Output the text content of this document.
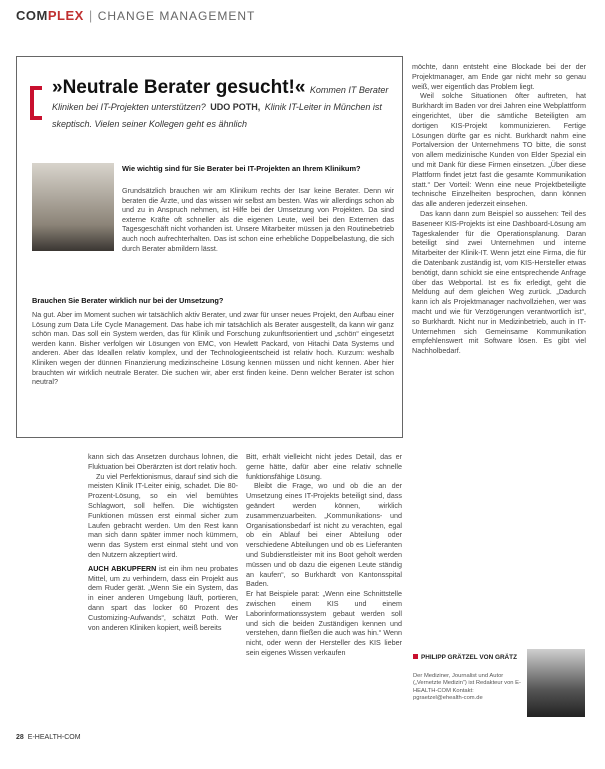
COMPLEX | CHANGE MANAGEMENT
»Neutrale Berater gesucht!« Kommen IT Berater Kliniken bei IT-Projekten unterstützen? UDO POTH, Klinik IT-Leiter in München ist skeptisch. Vielen seiner Kollegen geht es ähnlich
Wie wichtig sind für Sie Berater bei IT-Projekten an Ihrem Klinikum?

Grundsätzlich brauchen wir am Klinikum rechts der Isar keine Berater. Denn wir beraten die Ärzte, und das wissen wir selbst am besten. Was wir allerdings schon ab und zu in Anspruch nehmen, ist Hilfe bei der Umsetzung von Projekten. Da sind externe Kräfte oft schneller als die eigenen Leute, weil bei den Externen das Tagesgeschäft nicht vorhanden ist. Unsere Mitarbeiter müssen ja den Routinebetrieb auch noch aufrechterhalten. Das ist schon eine erhebliche Doppelbelastung, die sich durch Berater abmildern lässt.

Brauchen Sie Berater wirklich nur bei der Umsetzung?

Na gut. Aber im Moment suchen wir tatsächlich aktiv Berater, und zwar für unser neues Projekt, den Aufbau einer Lösung zum Data Life Cycle Management. Das habe ich mir tatsächlich als Berater ausgestellt, da kann wir ganz schön man. Das soll ein System werden, das für Klinik und Forschung zukunftsorientiert und „schön“ eingesetzt werden kann. Bisher verfolgen wir Lösungen von EMC, von Hewlett Packard, von Hitachi Data Systems und anderen. Aber das Ideallen relativ komplex, und der Technologieentscheid ist relativ hoch. Kurzum: weshalb Kliniken wegen der dünnen Finanzierung medizinscheine Lösung kennen müssen und nicht kennen. Aber hier brauchten wir wirklich neutrale Berater. Die suchen wir, aber erst finden keine. Denn welcher Berater ist schon neutral?

kann sich das Ansetzen durchaus lohnen, die Fluktuation bei Oberärzten ist dort relativ hoch.

Zu viel Perfektionismus, darauf sind sich die meisten Klinik IT-Leiter einig, schadet. Die 80-Prozent-Lösung, so ein viel bemühtes Schlagwort, soll helfen. Die wichtigsten Funktionen müssen erst einmal sicher zum Laufen gebracht werden. Um den Rest kann man sich dann später immer noch kümmern, wenn das System erst einmal steht und von den Nutzern akzeptiert wird.

AUCH ABKUPFERN ist ein ihm neu probates Mittel, um zu verhindern, dass ein Projekt aus dem Ruder gerät. „Wenn Sie ein System, das in einer anderen Umgebung läuft, portieren, dann spart das locker 60 Prozent des Customizing-Aufwands“, schätzt Poth. Wer von anderen Kliniken kopiert, weiß bereits

Bitt, erhält vielleicht nicht jedes Detail, das er gerne hätte, dafür aber eine relativ schnelle funktionsfähige Lösung.

Bleibt die Frage, wo und ob die an der Umsetzung eines IT-Projekts beteiligt sind, dass geändert werden können, wirklich zusammenzuarbeiten. „Kommunikations- und Organisationsbedarf ist nicht zu verachten, egal ob ein Ablauf bei einer Abteilung oder verschiedene Abteilungen und ob es Lieferanten und Subdienstleister mit ins Boot geholt werden müssen und ob dazu die eigenen Leute ständig an kaufen“, so Burkhardt von Kantonsspital Baden.

Er hat Beispiele parat: „Wenn eine Schnittstelle zwischen einem KIS und einem Laborinformationssystem gebaut werden soll und sich die beiden Zuständigen kennen und verstehen, dann fließen die auch was hin.“ Wenn nicht, oder wenn der Hersteller des KIS lieber sein eigenes Wissen verkaufen

möchte, dann entsteht eine Blockade bei der der Projektmanager, am Ende gar nicht mehr so genau weiß, wer eigentlich das Problem liegt.

Weil solche Situationen öfter auftreten, hat Burkhardt im Baden vor drei Jahren eine Webplattform eingerichtet, über die sämtliche Beteiligten am dortigen KIS-Projekt kommunizieren. Fertige Lösungen dürfte gar es nicht. Burkhardt nahm eine Portalversion der Unternehmens TO bitte, die sonst von allem medizinische Kunden von Elder Spezial ein und mit Dank für diese Firmen einsetzen. „Über diese Plattform findet jetzt fast die gesamte Kommunikation statt.“ Der Vorteil: Wenn eine neue Projektbeteiligte technische Einzelheiten besprochen, dann können das alle anderen jederzeit einsehen.

Das kann dann zum Beispiel so aussehen: Teil des Baseneer KIS-Projekts ist eine Dashboard-Lösung am Tageskalender für die Operationsplanung. Daran beteiligt sind zwei Unternehmen und interne Mitarbeiter der Klinik-IT. Wenn jetzt eine Firma, die für die Datenbank zuständig ist, vom KIS-Hersteller etwas benötigt, dann schickt sie eine entsprechende Anfrage über das Webportal. Ist es fix erledigt, geht die Meldung auf dem gleichen Weg zurück. „Dadurch kann ich als Projektmanager nachvollziehen, wer was macht und wie für Verzögerungen verantwortlich ist“, so Burkhardt. Nicht nur in Medizinbetrieb, auch in IT-Unternehmen sich Gemeinsame Kommunikation empfehlenswert mit Software lösen. Es gibt viel Nachholbedarf.

PHILIPP GRÄTZEL VON GRÄTZ
Der Mediziner, Journalist und Autor („Vernetzte Medizin“) ist Redakteur von E-HEALTH-COM Kontakt: pgraetzel@ehealth-com.de
28 E-HEALTH-COM
